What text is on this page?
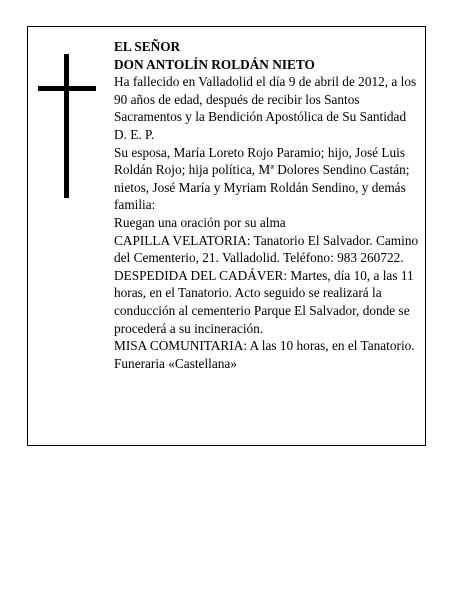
EL SEÑOR

DON ANTOLÍN ROLDÁN NIETO

Ha fallecido en Valladolid el día 9 de abril de 2012, a los 90 años de edad, después de recibir los Santos Sacramentos y la Bendición Apostólica de Su Santidad D. E. P.

Su esposa, María Loreto Rojo Paramio; hijo, José Luis Roldán Rojo; hija política, Mª Dolores Sendino Castán; nietos, José María y Myriam Roldán Sendino, y demás familia:

Ruegan una oración por su alma

CAPILLA VELATORIA: Tanatorio El Salvador. Camino del Cementerio, 21. Valladolid. Teléfono: 983 260722.

DESPEDIDA DEL CADÁVER: Martes, día 10, a las 11 horas, en el Tanatorio. Acto seguido se realizará la conducción al cementerio Parque El Salvador, donde se procederá a su incineración.

MISA COMUNITARIA: A las 10 horas, en el Tanatorio.

Funeraria «Castellana»
